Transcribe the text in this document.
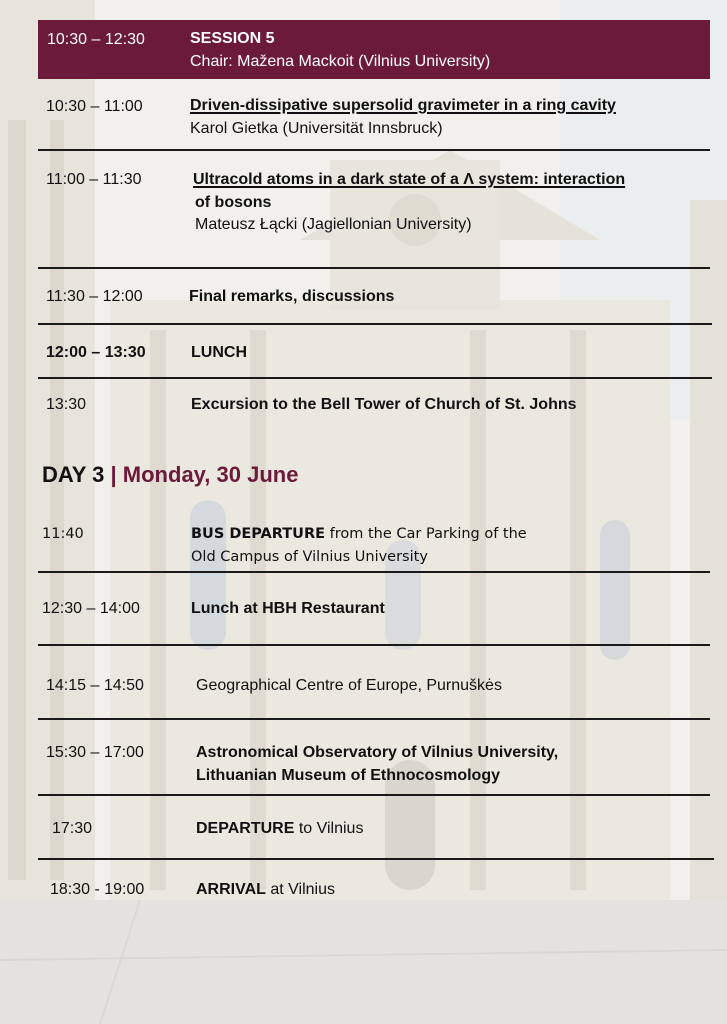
10:30 – 12:30	SESSION 5
Chair: Mažena Mackoit (Vilnius University)
10:30 – 11:00	Driven-dissipative supersolid gravimeter in a ring cavity
Karol Gietka (Universität Innsbruck)
11:00 – 11:30	Ultracold atoms in a dark state of a Λ system: interaction
of bosons
Mateusz Łącki (Jagiellonian University)
11:30 – 12:00	Final remarks, discussions
12:00 – 13:30	LUNCH
13:30	Excursion to the Bell Tower of Church of St. Johns
DAY 3 | Monday, 30 June
11:40	BUS DEPARTURE from the Car Parking of the
Old Campus of Vilnius University
12:30 – 14:00	Lunch at HBH Restaurant
14:15 – 14:50	Geographical Centre of Europe, Purnuškės
15:30 – 17:00	Astronomical Observatory of Vilnius University,
Lithuanian Museum of Ethnocosmology
17:30	DEPARTURE to Vilnius
18:30 - 19:00	ARRIVAL at Vilnius
